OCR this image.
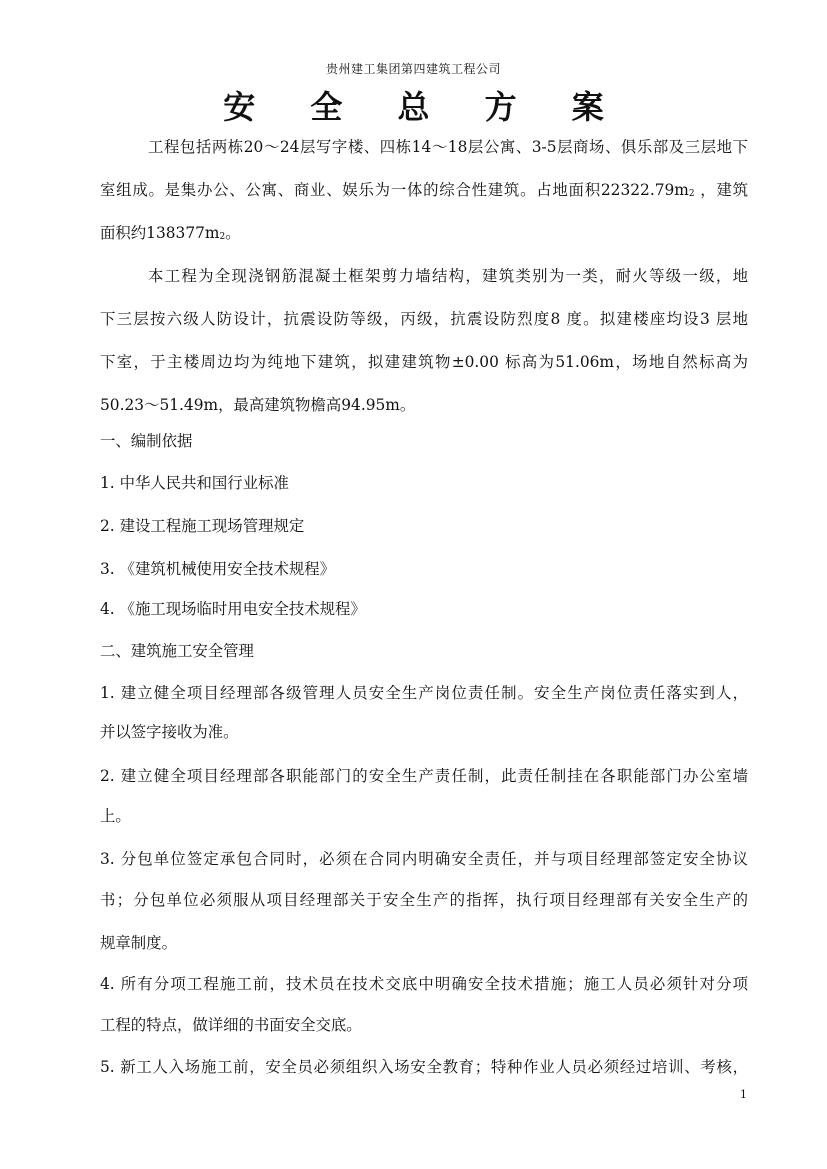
贵州建工集团第四建筑工程公司
安 全 总 方 案
工程包括两栋20～24层写字楼、四栋14～18层公寓、3-5层商场、俱乐部及三层地下
室组成。是集办公、公寓、商业、娱乐为一体的综合性建筑。占地面积$22322.79m_2$ ，建筑
面积约$138377m_2$。
本工程为全现浇钢筋混凝土框架剪力墙结构，建筑类别为一类，耐火等级一级，地
下三层按六级人防设计，抗震设防等级，丙级，抗震设防烈度8 度。拟建楼座均设3 层地
下室，于主楼周边均为纯地下建筑，拟建建筑物±0.00 标高为51.06m，场地自然标高为
50.23～51.49m，最高建筑物檐高94.95m。
一、编制依据
1. 中华人民共和国行业标准
2. 建设工程施工现场管理规定
3. 《建筑机械使用安全技术规程》
4. 《施工现场临时用电安全技术规程》
二、建筑施工安全管理
1. 建立健全项目经理部各级管理人员安全生产岗位责任制。安全生产岗位责任落实到人，
并以签字接收为准。
2. 建立健全项目经理部各职能部门的安全生产责任制，此责任制挂在各职能部门办公室墙
上。
3. 分包单位签定承包合同时，必须在合同内明确安全责任，并与项目经理部签定安全协议
书；分包单位必须服从项目经理部关于安全生产的指挥，执行项目经理部有关安全生产的
规章制度。
4. 所有分项工程施工前，技术员在技术交底中明确安全技术措施；施工人员必须针对分项
工程的特点，做详细的书面安全交底。
5. 新工人入场施工前，安全员必须组织入场安全教育；特种作业人员必须经过培训、考核，
1
